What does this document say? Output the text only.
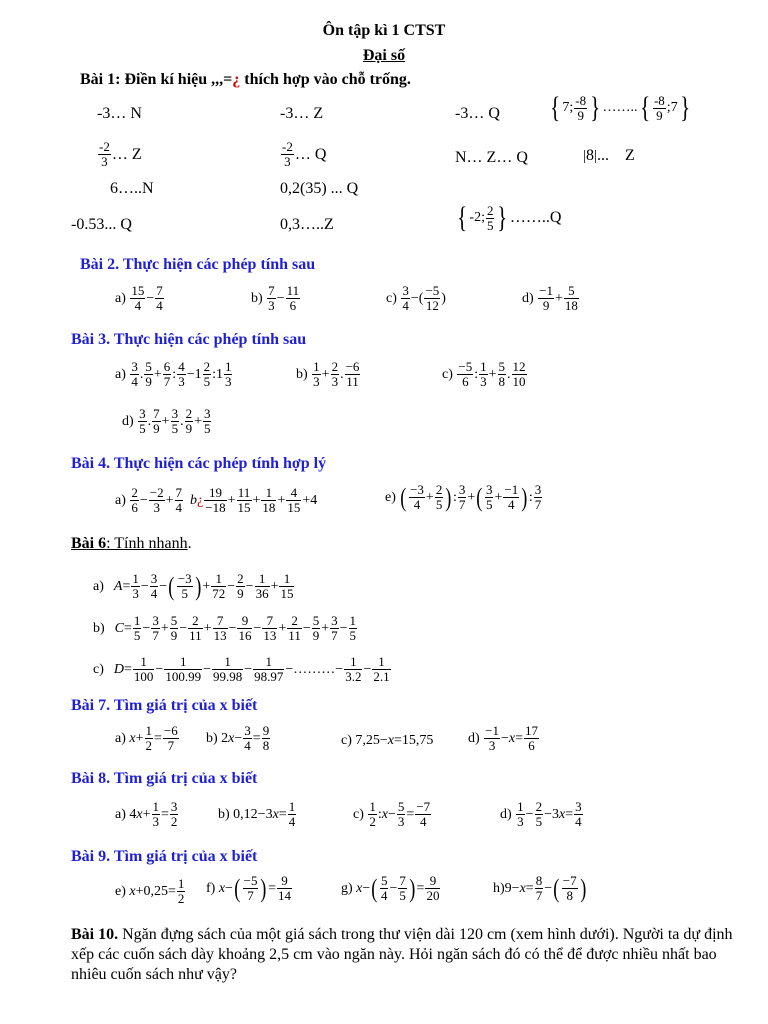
Ôn tập kì 1 CTST
Đại số
Bài 1: Điền kí hiệu ,,,=¿ thích hợp vào chỗ trống.
-3… N	-3… Z	-3… Q { 7; $\frac{-8}{9}$ } ……..{ $\frac{-8}{9}$ ;7}
$\frac{-2}{3}$ … Z	$\frac{-2}{3}$ … Q	N… Z… Q	|8|... Z
6…..N	0,2(35) ... Q
-0.53... Q	0,3…..Z	{ -2; $\frac{2}{5}$ } ……..Q
Bài 2. Thực hiện các phép tính sau
$a) \frac{15}{4} - \frac{7}{4}$	$b) \frac{7}{3} - \frac{11}{6}$	$c) \frac{3}{4}$ −( $\frac{-5}{12}$ )	$d) \frac{-1}{9} + \frac{5}{18}$
Bài 3. Thực hiện các phép tính sau
$a) \frac{3}{4}$ . $\frac{5}{9} + \frac{6}{7}$ : $\frac{4}{3} -1 \frac{2}{5}$ :1 $\frac{1}{3}$	$b) \frac{1}{3} + \frac{2}{3}$ . $\frac{-6}{11}$	$c) \frac{-5}{6}$ : $\frac{1}{3} + \frac{5}{8}$ . $\frac{12}{10}$
$d) \frac{3}{5}$ . $\frac{7}{9} + \frac{3}{5}$ . $\frac{2}{9} + \frac{3}{5}$
Bài 4. Thực hiện các phép tính hợp lý
$a) \frac{2}{6} - \frac{-2}{3} + \frac{7}{4}$ b¿ $\frac{19}{-18} + \frac{11}{15} + \frac{1}{18} + \frac{4}{15} +4$	e) ( $\frac{-3}{4} + \frac{2}{5}$ ): $\frac{3}{7}$ +( $\frac{3}{5} + \frac{-1}{4}$ ): $\frac{3}{7}$
Bài 6: Tính nhanh.
a) $A= \frac{1}{3} - \frac{3}{4}$ −( $\frac{-3}{5}$ )+ $\frac{1}{72} - \frac{2}{9} - \frac{1}{36} + \frac{1}{15}$
b) $C= \frac{1}{5} - \frac{3}{7} + \frac{5}{9} - \frac{2}{11} + \frac{7}{13} - \frac{9}{16} - \frac{7}{13} + \frac{2}{11} - \frac{5}{9} + \frac{3}{7} - \frac{1}{5}$
c) $D= \frac{1}{100} - \frac{1}{100.99} - \frac{1}{99.98} - \frac{1}{98.97}$ −………− $\frac{1}{3.2} - \frac{1}{2.1}$
Bài 7. Tìm giá trị của x biết
a) $x+ \frac{1}{2} = \frac{-6}{7} b$) $2x- \frac{3}{4} = \frac{9}{8}$	c) 7,25−x=15,75 $d) \frac{-1}{3} -x= \frac{17}{6}$
Bài 8. Tìm giá trị của x biết
a) $4x+ \frac{1}{3} = \frac{3}{2}$	b) $0,12-3x= \frac{1}{4}$	$c) \frac{1}{2}$ :x− $\frac{5}{3} = \frac{-7}{4}$	$d) \frac{1}{3} - \frac{2}{5} -3x= \frac{3}{4}$
Bài 9. Tìm giá trị của x biết
e) $x+0,25= \frac{1}{2} f$) $x-( \frac{-5}{7}$ )= $\frac{9}{14}$	g) $x-( \frac{5}{4} - \frac{7}{5}$ )= $\frac{9}{20}$	$h)9-x= \frac{8}{7}$ −( $\frac{-7}{8}$ )
Bài 10. Ngăn đựng sách của một giá sách trong thư viện dài 120 cm (xem hình dưới). Người ta dự định xếp các cuốn sách dày khoảng 2,5 cm vào ngăn này. Hỏi ngăn sách đó có thể để được nhiều nhất bao nhiêu cuốn sách như vậy?
